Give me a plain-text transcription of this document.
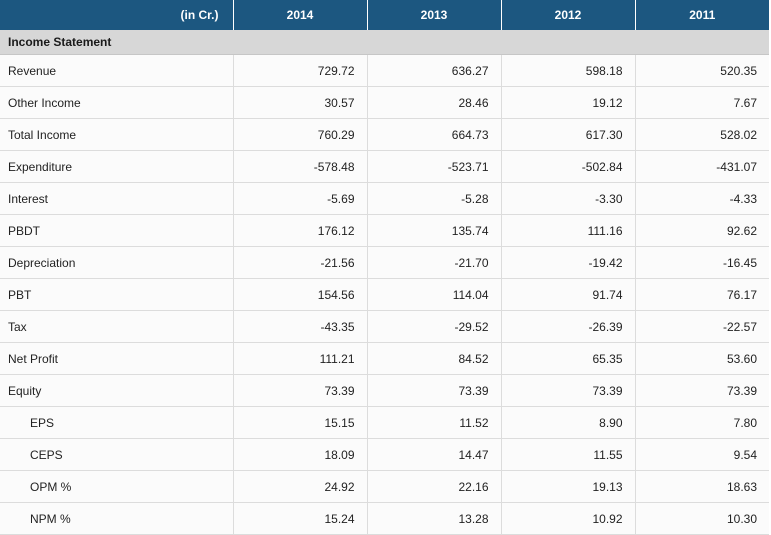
(in Cr.)	2014	2013	2012	2011
Income Statement				
Revenue	729.72	636.27	598.18	520.35
Other Income	30.57	28.46	19.12	7.67
Total Income	760.29	664.73	617.30	528.02
Expenditure	-578.48	-523.71	-502.84	-431.07
Interest	-5.69	-5.28	-3.30	-4.33
PBDT	176.12	135.74	111.16	92.62
Depreciation	-21.56	-21.70	-19.42	-16.45
PBT	154.56	114.04	91.74	76.17
Tax	-43.35	-29.52	-26.39	-22.57
Net Profit	111.21	84.52	65.35	53.60
Equity	73.39	73.39	73.39	73.39
EPS	15.15	11.52	8.90	7.80
CEPS	18.09	14.47	11.55	9.54
OPM %	24.92	22.16	19.13	18.63
NPM %	15.24	13.28	10.92	10.30
